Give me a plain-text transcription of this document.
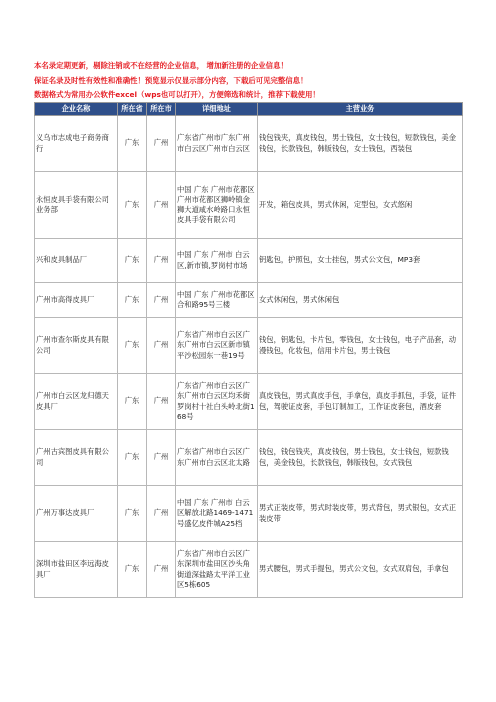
本名录定期更新，剔除注销或不在经营的企业信息， 增加新注册的企业信息！
保证名录及时性有效性和准确性！预览显示仅显示部分内容，下载后可见完整信息！
数据格式为常用办公软件excel（wps也可以打开），方便筛选和统计，推荐下载使用！
企业名称	所在省	所在市	详细地址	主营业务
义乌市志成电子商务商行	广东	广州	广东省广州市广东广州市白云区广州市白云区	钱包钱夹，真皮钱包，男士钱包，女士钱包，短款钱包，美金钱包，长款钱包，韩版钱包，女士钱包，西装包
永恒皮具手袋有限公司业务部	广东	广州	中国 广东 广州市花都区 广州市花都区狮岭镇金狮大道咸水岭路口永恒皮具手袋有限公司	开发，箱包皮具，男式休闲，定型包，女式悠闲
兴和皮具制品厂	广东	广州	中国 广东 广州市 白云区,新市镇,罗岗村市场	钥匙包，护照包，女士挂包，男式公文包，MP3套
广州市高得皮具厂	广东	广州	中国 广东 广州市花都区 合和路95号三楼	女式休闲包，男式休闲包
广州市查尔斯皮具有限公司	广东	广州	广东省广州市白云区广东广州市白云区新市镇平沙松园东一巷19号	钱包，钥匙包，卡片包，零钱包，女士钱包，电子产品套，动漫钱包，化妆包，信用卡片包，男士钱包
广州市白云区龙归德天皮具厂	广东	广州	广东省广州市白云区广东广州市白云区均禾街罗岗村十社白头岭北街168号	真皮钱包，男式真皮手包，手拿包，真皮手抓包，手袋，证件包，驾驶证皮套，手包订制加工，工作证皮套包，酒皮套
广州古宾图皮具有限公司	广东	广州	广东省广州市白云区广东广州市白云区北太路	钱包，钱包钱夹，真皮钱包，男士钱包，女士钱包，短款钱包，美金钱包，长款钱包，韩版钱包，女式钱包
广州万事达皮具厂	广东	广州	中国 广东 广州市 白云区解放北路1469-1471号盛亿皮件城A25档	男式正装皮带，男式时装皮带，男式背包，男式银包，女式正装皮带
深圳市盐田区李远海皮具厂	广东	广州	广东省广州市白云区广东深圳市盐田区沙头角街道深盐路太平洋工业区5栋605	男式腰包，男式手提包，男式公文包，女式双肩包，手拿包
